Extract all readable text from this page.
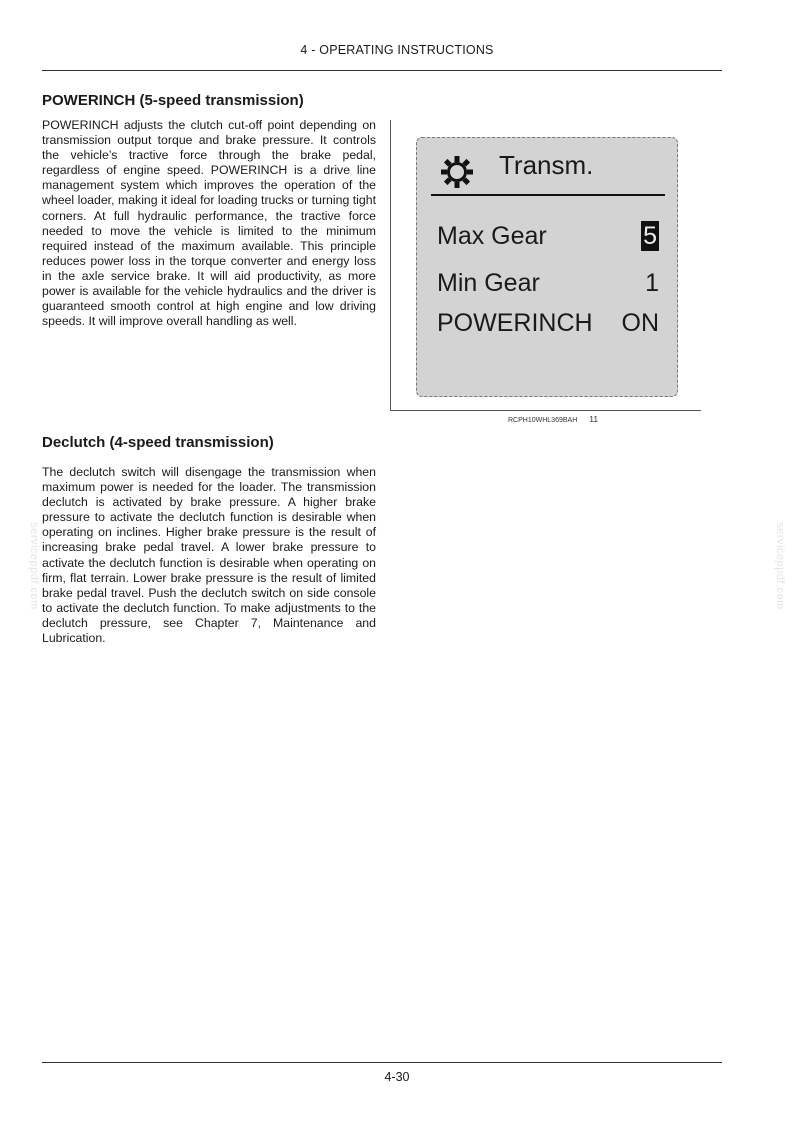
4 - OPERATING INSTRUCTIONS
POWERINCH (5-speed transmission)

POWERINCH adjusts the clutch cut-off point depending on transmission output torque and brake pressure. It controls the vehicle’s tractive force through the brake pedal, regardless of engine speed. POWERINCH is a drive line management system which improves the operation of the wheel loader, making it ideal for loading trucks or turning tight corners. At full hydraulic performance, the tractive force needed to move the vehicle is limited to the minimum required instead of the maximum available. This principle reduces power loss in the torque converter and energy loss in the axle service brake. It will aid productivity, as more power is available for the vehicle hydraulics and the driver is guaranteed smooth control at high engine and low driving speeds. It will improve overall handling as well.

Transm.
Max Gear	5
Min Gear	1
POWERINCH ON
RCPH10WHL369BAH 11
Declutch (4-speed transmission)

The declutch switch will disengage the transmission when maximum power is needed for the loader. The transmission declutch is activated by brake pressure. A higher brake pressure to activate the declutch function is desirable when operating on inclines. Higher brake pressure is the result of increasing brake pedal travel. A lower brake pressure to activate the declutch function is desirable when operating on firm, flat terrain. Lower brake pressure is the result of limited brake pedal travel. Push the declutch switch on side console to activate the declutch function. To make adjustments to the declutch pressure, see Chapter 7, Maintenance and Lubrication.

serviceppdf.com	serviceppdf.com
4-30
